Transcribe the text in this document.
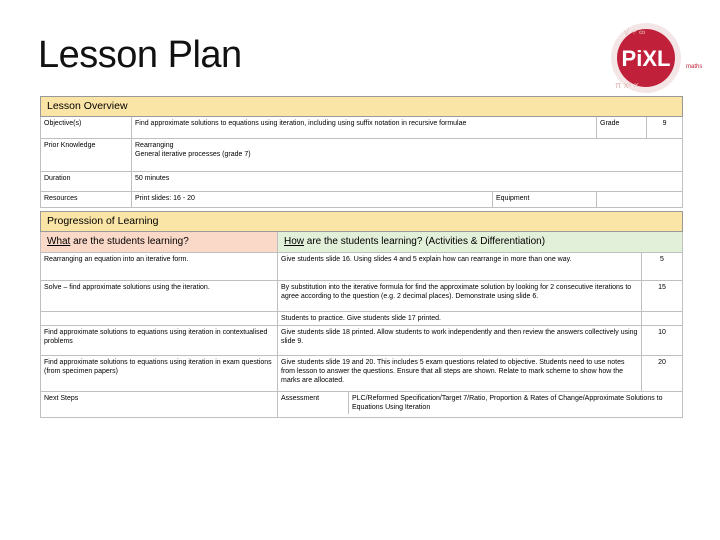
Lesson Plan
√ ÷ ∞
π x² ×
PiXL	maths
Lesson Overview				
Objective(s)	Find approximate solutions to equations using iteration, including using suffix notation in recursive formulae		Grade	9
Prior Knowledge	Rearranging
General iterative processes (grade 7)			

Duration	50 minutes			
Resources	Print slides: 16 - 20	Equipment		
Progression of Learning		
What are the students learning?	How are the students learning? (Activities & Differentiation)	
Rearranging an equation into an iterative form.	Give students slide 16. Using slides 4 and 5 explain how can rearrange in more than one way.	5
Solve – find approximate solutions using the iteration.	By substitution into the iterative formula for find the approximate solution by looking for 2 consecutive iterations to agree according to the question (e.g. 2 decimal places). Demonstrate using slide 6.	15
	Students to practice. Give students slide 17 printed.	
Find approximate solutions to equations using iteration in contextualised problems	Give students slide 18 printed. Allow students to work independently and then review the answers collectively using slide 9.	10
Find approximate solutions to equations using iteration in exam questions (from specimen papers)	Give students slide 19 and 20. This includes 5 exam questions related to objective. Students need to use notes from lesson to answer the questions. Ensure that all steps are shown. Relate to mark scheme to show how the marks are allocated.	20
Next Steps	Assessment PLC/Reformed Specification/Target 7/Ratio, Proportion & Rates of Change/Approximate Solutions to Equations Using Iteration	
